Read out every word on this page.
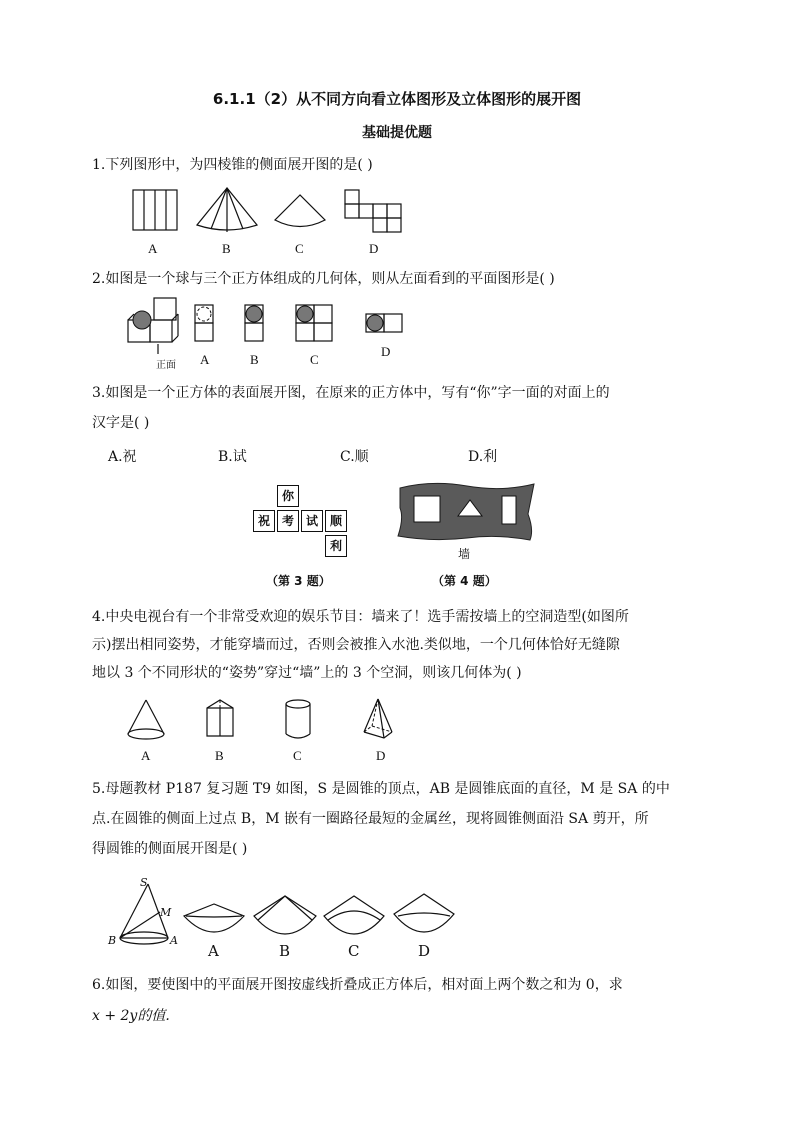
6.1.1（2）从不同方向看立体图形及立体图形的展开图
基础提优题
1.下列图形中，为四棱锥的侧面展开图的是( )
A	B	C	D
2.如图是一个球与三个正方体组成的几何体，则从左面看到的平面图形是( )
正面 A	B	C
D
3.如图是一个正方体的表面展开图，在原来的正方体中，写有“你”字一面的对面上的
汉字是( )
A.祝	B.试	C.顺	D.利
你
祝 考 试 顺
利
墙
（第 3 题）	（第 4 题）
4.中央电视台有一个非常受欢迎的娱乐节目：墙来了！选手需按墙上的空洞造型(如图所
示)摆出相同姿势，才能穿墙而过，否则会被推入水池.类似地，一个几何体恰好无缝隙
地以 3 个不同形状的“姿势”穿过“墙”上的 3 个空洞，则该几何体为( )
A	B	C	D
5.母题教材 P187 复习题 T9 如图，S 是圆锥的顶点，AB 是圆锥底面的直径，M 是 SA 的中
点.在圆锥的侧面上过点 B，M 嵌有一圈路径最短的金属丝，现将圆锥侧面沿 SA 剪开，所
得圆锥的侧面展开图是( )
S
M
B	A
A	B	C	D
6.如图，要使图中的平面展开图按虚线折叠成正方体后，相对面上两个数之和为 0，求
x + 2y的值.
